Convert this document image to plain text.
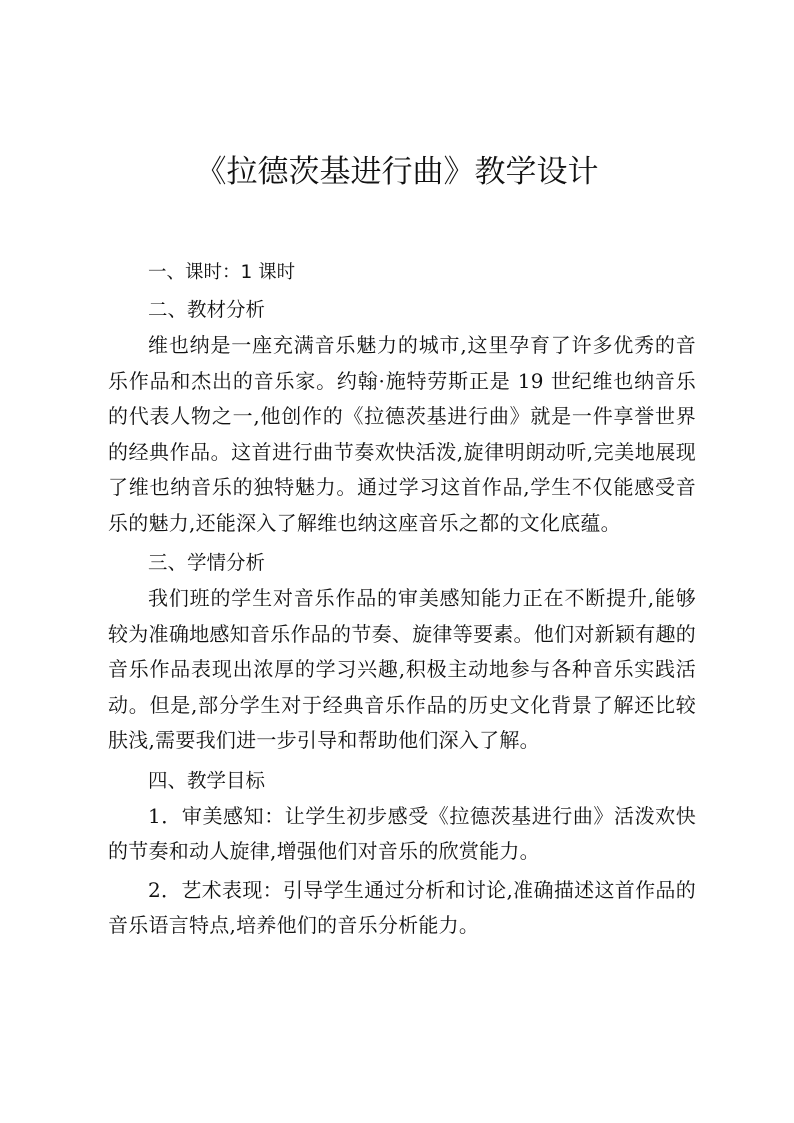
《拉德茨基进行曲》教学设计
一、课时：1 课时
二、教材分析

维也纳是一座充满音乐魅力的城市,这里孕育了许多优秀的音乐作品和杰出的音乐家。约翰·施特劳斯正是 19 世纪维也纳音乐的代表人物之一,他创作的《拉德茨基进行曲》就是一件享誉世界的经典作品。这首进行曲节奏欢快活泼,旋律明朗动听,完美地展现了维也纳音乐的独特魅力。通过学习这首作品,学生不仅能感受音乐的魅力,还能深入了解维也纳这座音乐之都的文化底蕴。

三、学情分析

我们班的学生对音乐作品的审美感知能力正在不断提升,能够较为准确地感知音乐作品的节奏、旋律等要素。他们对新颖有趣的音乐作品表现出浓厚的学习兴趣,积极主动地参与各种音乐实践活动。但是,部分学生对于经典音乐作品的历史文化背景了解还比较肤浅,需要我们进一步引导和帮助他们深入了解。

四、教学目标

1．审美感知：让学生初步感受《拉德茨基进行曲》活泼欢快的节奏和动人旋律,增强他们对音乐的欣赏能力。

2．艺术表现：引导学生通过分析和讨论,准确描述这首作品的音乐语言特点,培养他们的音乐分析能力。
